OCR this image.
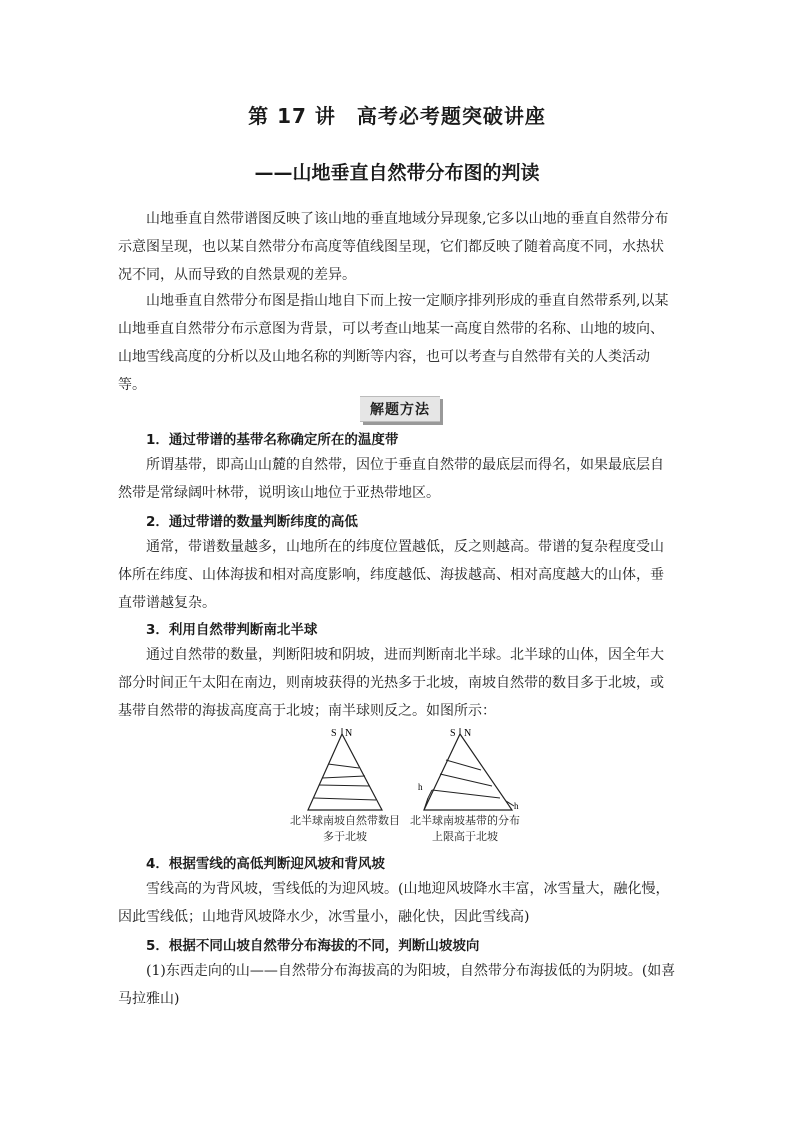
第 17 讲　高考必考题突破讲座
——山地垂直自然带分布图的判读

山地垂直自然带谱图反映了该山地的垂直地域分异现象,它多以山地的垂直自然带分布示意图呈现，也以某自然带分布高度等值线图呈现，它们都反映了随着高度不同，水热状况不同，从而导致的自然景观的差异。

山地垂直自然带分布图是指山地自下而上按一定顺序排列形成的垂直自然带系列,以某山地垂直自然带分布示意图为背景，可以考查山地某一高度自然带的名称、山地的坡向、山地雪线高度的分析以及山地名称的判断等内容，也可以考查与自然带有关的人类活动等。

解题方法
1．通过带谱的基带名称确定所在的温度带

所谓基带，即高山山麓的自然带，因位于垂直自然带的最底层而得名，如果最底层自然带是常绿阔叶林带，说明该山地位于亚热带地区。

2．通过带谱的数量判断纬度的高低

通常，带谱数量越多，山地所在的纬度位置越低，反之则越高。带谱的复杂程度受山体所在纬度、山体海拔和相对高度影响，纬度越低、海拔越高、相对高度越大的山体，垂直带谱越复杂。

3．利用自然带判断南北半球

通过自然带的数量，判断阳坡和阴坡，进而判断南北半球。北半球的山体，因全年大部分时间正午太阳在南边，则南坡获得的光热多于北坡，南坡自然带的数目多于北坡，或基带自然带的海拔高度高于北坡；南半球则反之。如图所示：

S N
北半球南坡自然带数目多于北坡
S N
h
h
北半球南坡基带的分布上限高于北坡
4．根据雪线的高低判断迎风坡和背风坡

雪线高的为背风坡，雪线低的为迎风坡。(山地迎风坡降水丰富，冰雪量大，融化慢，因此雪线低；山地背风坡降水少，冰雪量小，融化快，因此雪线高)

5．根据不同山坡自然带分布海拔的不同，判断山坡坡向

(1)东西走向的山——自然带分布海拔高的为阳坡，自然带分布海拔低的为阴坡。(如喜马拉雅山)
